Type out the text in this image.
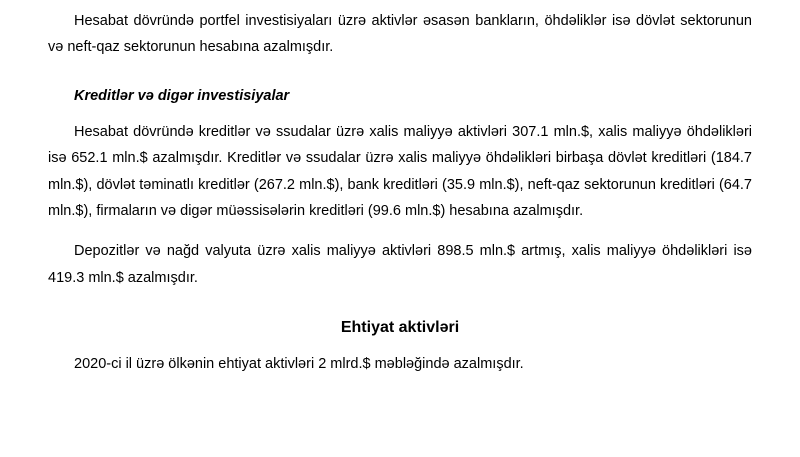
Hesabat dövründə portfel investisiyaları üzrə aktivlər əsasən bankların, öhdəliklər isə dövlət sektorunun və neft-qaz sektorunun hesabına azalmışdır.

Kreditlər və digər investisiyalar

Hesabat dövründə kreditlər və ssudalar üzrə xalis maliyyə aktivləri 307.1 mln.$, xalis maliyyə öhdəlikləri isə 652.1 mln.$ azalmışdır. Kreditlər və ssudalar üzrə xalis maliyyə öhdəlikləri birbaşa dövlət kreditləri (184.7 mln.$), dövlət təminatlı kreditlər (267.2 mln.$), bank kreditləri (35.9 mln.$), neft-qaz sektorunun kreditləri (64.7 mln.$), firmaların və digər müəssisələrin kreditləri (99.6 mln.$) hesabına azalmışdır.

Depozitlər və nağd valyuta üzrə xalis maliyyə aktivləri 898.5 mln.$ artmış, xalis maliyyə öhdəlikləri isə 419.3 mln.$ azalmışdır.

Ehtiyat aktivləri

2020-ci il üzrə ölkənin ehtiyat aktivləri 2 mlrd.$ məbləğində azalmışdır.
